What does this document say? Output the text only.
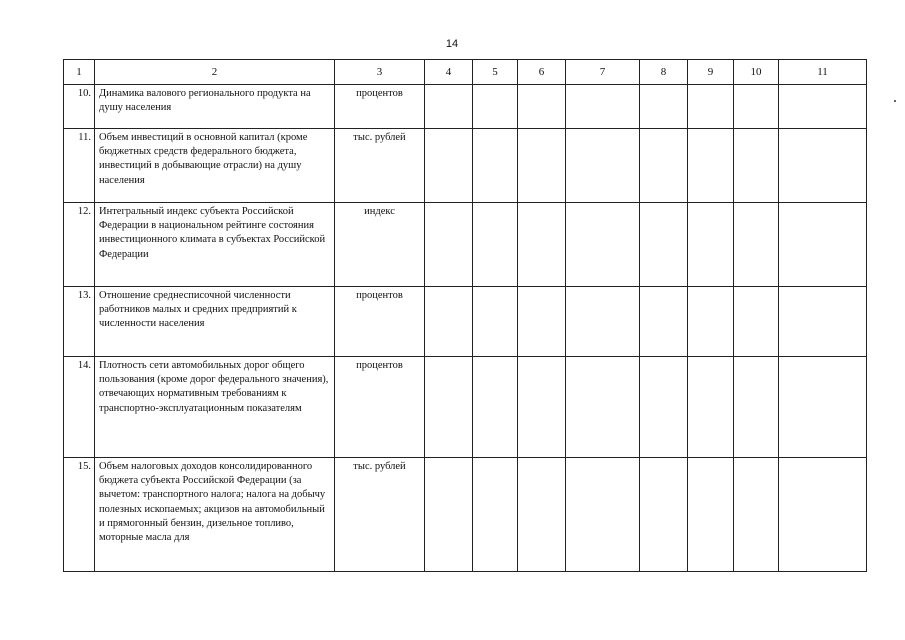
14
1	2	3	4	5	6	7	8	9	10	11
10.	Динамика валового регионального продукта на душу населения	процентов								
11.	Объем инвестиций в основной капитал (кроме бюджетных средств федерального бюджета, инвестиций в добывающие отрасли) на душу населения	тыс. рублей								
12.	Интегральный индекс субъекта Российской Федерации в национальном рейтинге состояния инвестиционного климата в субъектах Российской Федерации	индекс								
13.	Отношение среднесписочной численности работников малых и средних предприятий к численности населения	процентов								
14.	Плотность сети автомобильных дорог общего пользования (кроме дорог федерального значения), отвечающих нормативным требованиям к транспортно-эксплуатационным показателям	процентов								
15.	Объем налоговых доходов консолидированного бюджета субъекта Российской Федерации (за вычетом: транспортного налога; налога на добычу полезных ископаемых; акцизов на автомобильный и прямогонный бензин, дизельное топливо, моторные масла для	тыс. рублей								
